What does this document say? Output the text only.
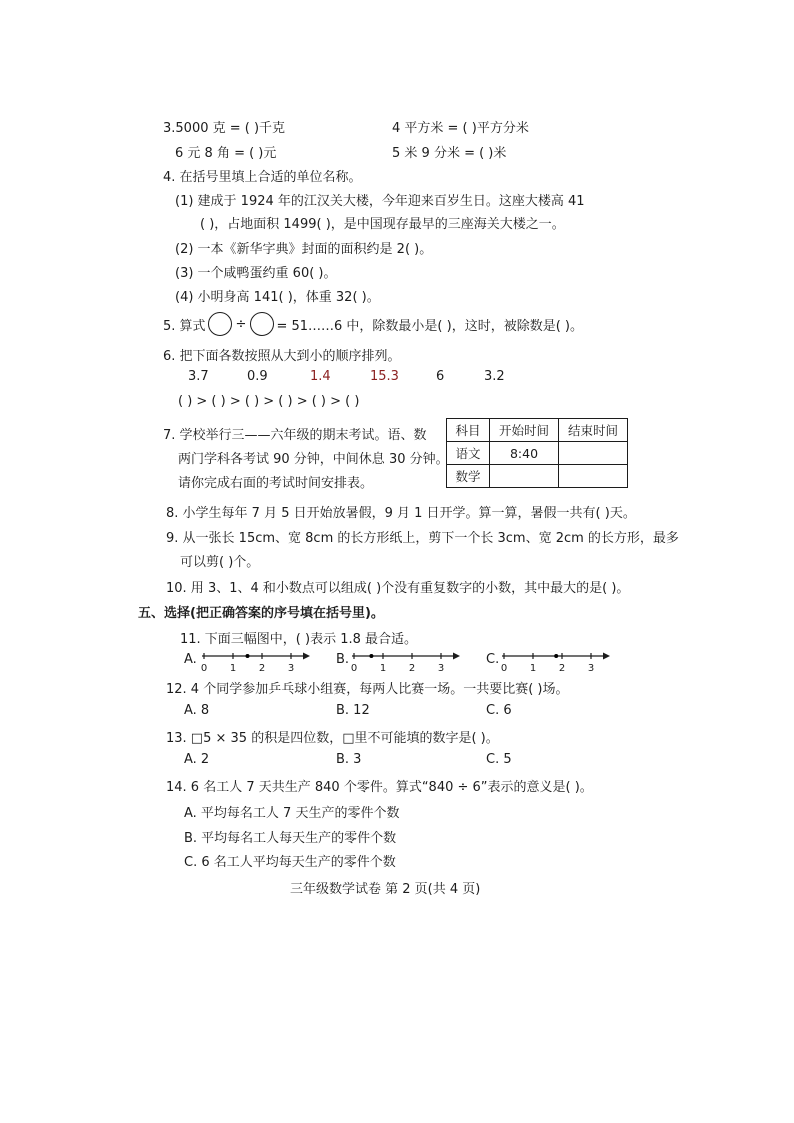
3.5000 克 = ( )千克	4 平方米 = ( )平方分米
6 元 8 角 = ( )元	5 米 9 分米 = ( )米
4. 在括号里填上合适的单位名称。
(1) 建成于 1924 年的江汉关大楼，今年迎来百岁生日。这座大楼高 41
( )，占地面积 1499( )，是中国现存最早的三座海关大楼之一。
(2) 一本《新华字典》封面的面积约是 2( )。
(3) 一个咸鸭蛋约重 60( )。
(4) 小明身高 141( )，体重 32( )。
5. 算式 ÷ = 51……6 中，除数最小是( )，这时，被除数是( )。
6. 把下面各数按照从大到小的顺序排列。
3.7	0.9	1.4	15.3	6	3.2
( ) > ( ) > ( ) > ( ) > ( ) > ( )
7. 学校举行三——六年级的期末考试。语、数
两门学科各考试 90 分钟，中间休息 30 分钟。
请你完成右面的考试时间安排表。
科目	开始时间	结束时间
语文	8:40	
数学		
8. 小学生每年 7 月 5 日开始放暑假，9 月 1 日开学。算一算，暑假一共有( )天。
9. 从一张长 15cm、宽 8cm 的长方形纸上，剪下一个长 3cm、宽 2cm 的长方形，最多
可以剪( )个。
10. 用 3、1、4 和小数点可以组成( )个没有重复数字的小数，其中最大的是( )。
五、选择(把正确答案的序号填在括号里)。
11. 下面三幅图中，( )表示 1.8 最合适。
A.	B.	C.
0 1 2 3	0 1 2 3	0 1 2 3
12. 4 个同学参加乒乓球小组赛，每两人比赛一场。一共要比赛( )场。
A. 8	B. 12	C. 6
13. □5 × 35 的积是四位数，□里不可能填的数字是( )。
A. 2	B. 3	C. 5
14. 6 名工人 7 天共生产 840 个零件。算式“840 ÷ 6”表示的意义是( )。
A. 平均每名工人 7 天生产的零件个数
B. 平均每名工人每天生产的零件个数
C. 6 名工人平均每天生产的零件个数
三年级数学试卷 第 2 页(共 4 页)
